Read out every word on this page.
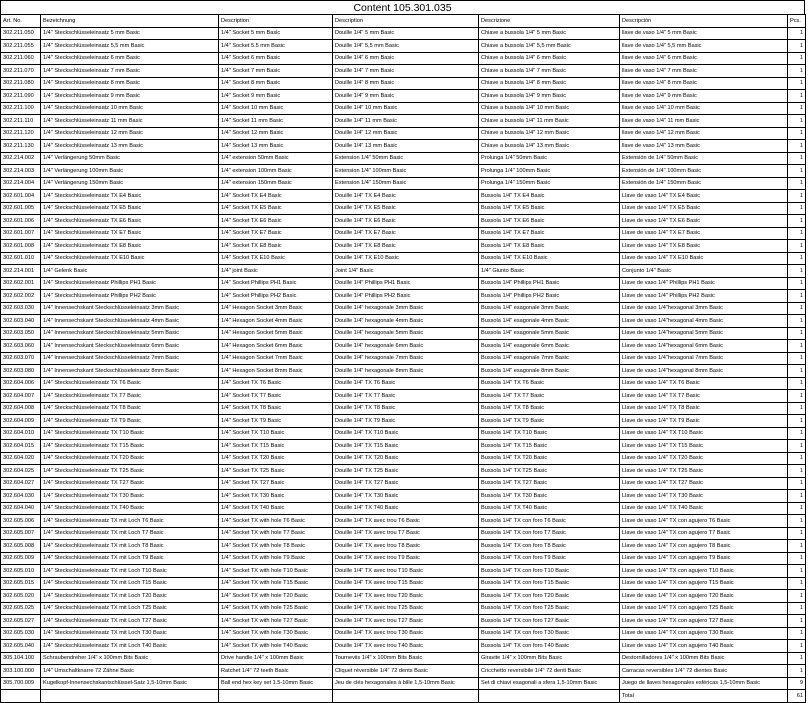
Content 105.301.035
Art. No.	Bezeichnung	Description	Description	Descrizione	Descripción	Pcs.
302.211.050	1/4" Steckschlüsseleinsatz 5 mm Basic	1/4" Socket 5 mm Basic	Douille 1/4" 5 mm Basic	Chiave a bussola 1/4" 5 mm Basic	llave de vaso 1/4" 5 mm Basic	1
302.211.055	1/4" Steckschlüsseleinsatz 5,5 mm Basic	1/4" Socket 5.5 mm Basic	Douille 1/4" 5,5 mm Basic	Chiave a bussola 1/4" 5,5 mm Basic	llave de vaso 1/4" 5,5 mm Basic	1
302.211.060	1/4" Steckschlüsseleinsatz 6 mm Basic	1/4" Socket 6 mm Basic	Douille 1/4" 6 mm Basic	Chiave a bussola 1/4" 6 mm Basic	llave de vaso 1/4" 6 mm Basic	1
302.211.070	1/4" Steckschlüsseleinsatz 7 mm Basic	1/4" Socket 7 mm Basic	Douille 1/4" 7 mm Basic	Chiave a bussola 1/4" 7 mm Basic	llave de vaso 1/4" 7 mm Basic	1
302.211.080	1/4" Steckschlüsseleinsatz 8 mm Basic	1/4" Socket 8 mm Basic	Douille 1/4" 8 mm Basic	Chiave a bussola 1/4" 8 mm Basic	llave de vaso 1/4" 8 mm Basic	1
302.211.090	1/4" Steckschlüsseleinsatz 9 mm Basic	1/4" Socket 9 mm Basic	Douille 1/4" 9 mm Basic	Chiave a bussola 1/4" 9 mm Basic	llave de vaso 1/4" 9 mm Basic	1
302.211.100	1/4" Steckschlüsseleinsatz 10 mm Basic	1/4" Socket 10 mm Basic	Douille 1/4" 10 mm Basic	Chiave a bussola 1/4" 10 mm Basic	llave de vaso 1/4" 10 mm Basic	1
302.211.110	1/4" Steckschlüsseleinsatz 11 mm Basic	1/4" Socket 11 mm Basic	Douille 1/4" 11 mm Basic	Chiave a bussola 1/4" 11 mm Basic	llave de vaso 1/4" 11 mm Basic	1
302.211.120	1/4" Steckschlüsseleinsatz 12 mm Basic	1/4" Socket 12 mm Basic	Douille 1/4" 12 mm Basic	Chiave a bussola 1/4" 12 mm Basic	llave de vaso 1/4" 12 mm Basic	1
302.211.130	1/4" Steckschlüsseleinsatz 13 mm Basic	1/4" Socket 13 mm Basic	Douille 1/4" 13 mm Basic	Chiave a bussola 1/4" 13 mm Basic	llave de vaso 1/4" 13 mm Basic	1
302.214.002	1/4" Verlängerung 50mm Basic	1/4" extension 50mm Basic	Extension 1/4" 50mm Basic	Prolunga 1/4" 50mm Basic	Extensión de 1/4" 50mm Basic	1
302.214.003	1/4" Verlängerung 100mm Basic	1/4" extension 100mm Basic	Extension 1/4" 100mm Basic	Prolunga 1/4" 100mm Basic	Extensión de 1/4" 100mm Basic	1
302.214.004	1/4" Verlängerung 150mm Basic	1/4" extension 150mm Basic	Extension 1/4" 150mm Basic	Prolunga 1/4" 150mm Basic	Extensión de 1/4" 150mm Basic	1
302.601.004	1/4" Steckschlüsseleinsatz TX E4 Basic	1/4" Socket TX E4 Basic	Douille 1/4" TX E4 Basic	Bussola 1/4" TX E4 Basic	Llave de vaso 1/4" TX E4 Basic	1
302.601.005	1/4" Steckschlüsseleinsatz TX E5 Basic	1/4" Socket TX E5 Basic	Douille 1/4" TX E5 Basic	Bussola 1/4" TX E5 Basic	Llave de vaso 1/4" TX E5 Basic	1
302.601.006	1/4" Steckschlüsseleinsatz TX E6 Basic	1/4" Socket TX E6 Basic	Douille 1/4" TX E6 Basic	Bussola 1/4" TX E6 Basic	Llave de vaso 1/4" TX E6 Basic	1
302.601.007	1/4" Steckschlüsseleinsatz TX E7 Basic	1/4" Socket TX E7 Basic	Douille 1/4" TX E7 Basic	Bussola 1/4" TX E7 Basic	Llave de vaso 1/4" TX E7 Basic	1
302.601.008	1/4" Steckschlüsseleinsatz TX E8 Basic	1/4" Socket TX E8 Basic	Douille 1/4" TX E8 Basic	Bussola 1/4" TX E8 Basic	Llave de vaso 1/4" TX E8 Basic	1
302.601.010	1/4" Steckschlüsseleinsatz TX E10 Basic	1/4" Socket TX E10 Basic	Douille 1/4" TX E10 Basic	Bussola 1/4" TX E10 Basic	Llave de vaso 1/4" TX E10 Basic	1
302.214.001	1/4" Gelenk Basic	1/4" joint Basic	Joint 1/4" Basic	1/4" Giunto Basic	Conjunto 1/4" Basic	1
302.602.001	1/4" Steckschlüsseleinsatz Phillips PH1 Basic	1/4" Socket Phillips PH1 Basic	Douille 1/4" Phillips PH1 Basic	Bussola 1/4" Phillips PH1 Basic	Llave de vaso 1/4" Phillips PH1 Basic	1
302.602.002	1/4" Steckschlüsseleinsatz Phillips PH2 Basic	1/4" Socket Phillips PH2 Basic	Douille 1/4" Phillips PH2 Basic	Bussola 1/4" Phillips PH2 Basic	Llave de vaso 1/4" Phillips PH2 Basic	1
302.603.030	1/4" Innensechskant Steckschlüsseleinsatz 3mm Basic	1/4" Hexagon Socket 3mm Basic	Douille 1/4" hexagonale 3mm Basic	Bussola 1/4" esagonale 3mm Basic	Llave de vaso 1/4"hexagonal 3mm Basic	1
302.603.040	1/4" Innensechskant Steckschlüsseleinsatz 4mm Basic	1/4" Hexagon Socket 4mm Basic	Douille 1/4" hexagonale 4mm Basic	Bussola 1/4" esagonale 4mm Basic	Llave de vaso 1/4"hexagonal 4mm Basic	1
302.603.050	1/4" Innensechskant Steckschlüsseleinsatz 5mm Basic	1/4" Hexagon Socket 5mm Basic	Douille 1/4" hexagonale 5mm Basic	Bussola 1/4" esagonale 5mm Basic	Llave de vaso 1/4"hexagonal 5mm Basic	1
302.603.060	1/4" Innensechskant Steckschlüsseleinsatz 6mm Basic	1/4" Hexagon Socket 6mm Basic	Douille 1/4" hexagonale 6mm Basic	Bussola 1/4" esagonale 6mm Basic	Llave de vaso 1/4"hexagonal 6mm Basic	1
302.603.070	1/4" Innensechskant Steckschlüsseleinsatz 7mm Basic	1/4" Hexagon Socket 7mm Basic	Douille 1/4" hexagonale 7mm Basic	Bussola 1/4" esagonale 7mm Basic	Llave de vaso 1/4"hexagonal 7mm Basic	1
302.603.080	1/4" Innensechskant Steckschlüsseleinsatz 8mm Basic	1/4" Hexagon Socket 8mm Basic	Douille 1/4" hexagonale 8mm Basic	Bussola 1/4" esagonale 8mm Basic	Llave de vaso 1/4"hexagonal 8mm Basic	1
302.604.006	1/4" Steckschlüsseleinsatz TX T6 Basic	1/4" Socket TX T6 Basic	Douille 1/4" TX T6 Basic	Bussola 1/4" TX T6 Basic	Llave de vaso 1/4" TX T6 Basic	1
302.604.007	1/4" Steckschlüsseleinsatz TX T7 Basic	1/4" Socket TX T7 Basic	Douille 1/4" TX T7 Basic	Bussola 1/4" TX T7 Basic	Llave de vaso 1/4" TX T7 Basic	1
302.604.008	1/4" Steckschlüsseleinsatz TX T8 Basic	1/4" Socket TX T8 Basic	Douille 1/4" TX T8 Basic	Bussola 1/4" TX T8 Basic	Llave de vaso 1/4" TX T8 Basic	1
302.604.009	1/4" Steckschlüsseleinsatz TX T9 Basic	1/4" Socket TX T9 Basic	Douille 1/4" TX T9 Basic	Bussola 1/4" TX T9 Basic	Llave de vaso 1/4" TX T9 Basic	1
302.604.010	1/4" Steckschlüsseleinsatz TX T10 Basic	1/4" Socket TX T10 Basic	Douille 1/4" TX T10 Basic	Bussola 1/4" TX T10 Basic	Llave de vaso 1/4" TX T10 Basic	1
302.604.015	1/4" Steckschlüsseleinsatz TX T15 Basic	1/4" Socket TX T15 Basic	Douille 1/4" TX T15 Basic	Bussola 1/4" TX T15 Basic	Llave de vaso 1/4" TX T15 Basic	1
302.604.020	1/4" Steckschlüsseleinsatz TX T20 Basic	1/4" Socket TX T20 Basic	Douille 1/4" TX T20 Basic	Bussola 1/4" TX T20 Basic	Llave de vaso 1/4" TX T20 Basic	1
302.604.025	1/4" Steckschlüsseleinsatz TX T25 Basic	1/4" Socket TX T25 Basic	Douille 1/4" TX T25 Basic	Bussola 1/4" TX T25 Basic	Llave de vaso 1/4" TX T25 Basic	1
302.604.027	1/4" Steckschlüsseleinsatz TX T27 Basic	1/4" Socket TX T27 Basic	Douille 1/4" TX T27 Basic	Bussola 1/4" TX T27 Basic	Llave de vaso 1/4" TX T27 Basic	1
302.604.030	1/4" Steckschlüsseleinsatz TX T30 Basic	1/4" Socket TX T30 Basic	Douille 1/4" TX T30 Basic	Bussola 1/4" TX T30 Basic	Llave de vaso 1/4" TX T30 Basic	1
302.604.040	1/4" Steckschlüsseleinsatz TX T40 Basic	1/4" Socket TX T40 Basic	Douille 1/4" TX T40 Basic	Bussola 1/4" TX T40 Basic	Llave de vaso 1/4" TX T40 Basic	1
302.605.006	1/4" Steckschlüsseleinsatz TX mit Loch T6 Basic	1/4" Socket TX with hole T6 Basic	Douille 1/4" TX avec trou T6 Basic	Bussola 1/4" TX con foro T6 Basic	Llave de vaso 1/4" TX con agujero T6 Basic	1
302.605.007	1/4" Steckschlüsseleinsatz TX mit Loch T7 Basic	1/4" Socket TX with hole T7 Basic	Douille 1/4" TX avec trou T7 Basic	Bussola 1/4" TX con foro T7 Basic	Llave de vaso 1/4" TX con agujero T7 Basic	1
302.605.008	1/4" Steckschlüsseleinsatz TX mit Loch T8 Basic	1/4" Socket TX with hole T8 Basic	Douille 1/4" TX avec trou T8 Basic	Bussola 1/4" TX con foro T8 Basic	Llave de vaso 1/4" TX con agujero T8 Basic	1
302.605.009	1/4" Steckschlüsseleinsatz TX mit Loch T9 Basic	1/4" Socket TX with hole T9 Basic	Douille 1/4" TX avec trou T9 Basic	Bussola 1/4" TX con foro T9 Basic	Llave de vaso 1/4" TX con agujero T9 Basic	1
302.605.010	1/4" Steckschlüsseleinsatz TX mit Loch T10 Basic	1/4" Socket TX with hole T10 Basic	Douille 1/4" TX avec trou T10 Basic	Bussola 1/4" TX con foro T10 Basic	Llave de vaso 1/4" TX con agujero T10 Basic	1
302.605.015	1/4" Steckschlüsseleinsatz TX mit Loch T15 Basic	1/4" Socket TX with hole T15 Basic	Douille 1/4" TX avec trou T15 Basic	Bussola 1/4" TX con foro T15 Basic	Llave de vaso 1/4" TX con agujero T15 Basic	1
302.605.020	1/4" Steckschlüsseleinsatz TX mit Loch T20 Basic	1/4" Socket TX with hole T20 Basic	Douille 1/4" TX avec trou T20 Basic	Bussola 1/4" TX con foro T20 Basic	Llave de vaso 1/4" TX con agujero T20 Basic	1
302.605.025	1/4" Steckschlüsseleinsatz TX mit Loch T25 Basic	1/4" Socket TX with hole T25 Basic	Douille 1/4" TX avec trou T25 Basic	Bussola 1/4" TX con foro T25 Basic	Llave de vaso 1/4" TX con agujero T25 Basic	1
302.605.027	1/4" Steckschlüsseleinsatz TX mit Loch T27 Basic	1/4" Socket TX with hole T27 Basic	Douille 1/4" TX avec trou T27 Basic	Bussola 1/4" TX con foro T27 Basic	Llave de vaso 1/4" TX con agujero T27 Basic	1
302.605.030	1/4" Steckschlüsseleinsatz TX mit Loch T30 Basic	1/4" Socket TX with hole T30 Basic	Douille 1/4" TX avec trou T30 Basic	Bussola 1/4" TX con foro T30 Basic	Llave de vaso 1/4" TX con agujero T30 Basic	1
302.605.040	1/4" Steckschlüsseleinsatz TX mit Loch T40 Basic	1/4" Socket TX with hole T40 Basic	Douille 1/4" TX avec trou T40 Basic	Bussola 1/4" TX con foro T40 Basic	Llave de vaso 1/4" TX con agujero T40 Basic	1
305.104.100	Schraubendreher 1/4" x 100mm Bits Basic	Drive handle 1/4" x 100mm Basic	Tourneviis 1/4" x 100mm Bits Basic	Giravite 1/4" x 100mm Bits Basic	Destornilladores 1/4" x 100mm Bits Basic	1
303.100.000	1/4" Umschaltknarre 72 Zähne Basic	Ratchet 1/4" 72 teeth Basic	Cliquet réversible 1/4" 72 dents Basic	Cricchetto reversibile 1/4" 72 denti Basic	Carracas reversibles 1/4" 72 dientes Basic	1
305.700.009	Kugelkopf-Innensechskantschlüssel-Satz 1,5-10mm Basic	Ball end hex key set 1.5-10mm Basic	Jeu de clés hexagonales à bille 1,5-10mm Basic	Set di chiavi esagonali a sfera 1,5-10mm Basic	Juego de llaves hexagonales esféricas 1,5-10mm Basic	9
					Total	61
